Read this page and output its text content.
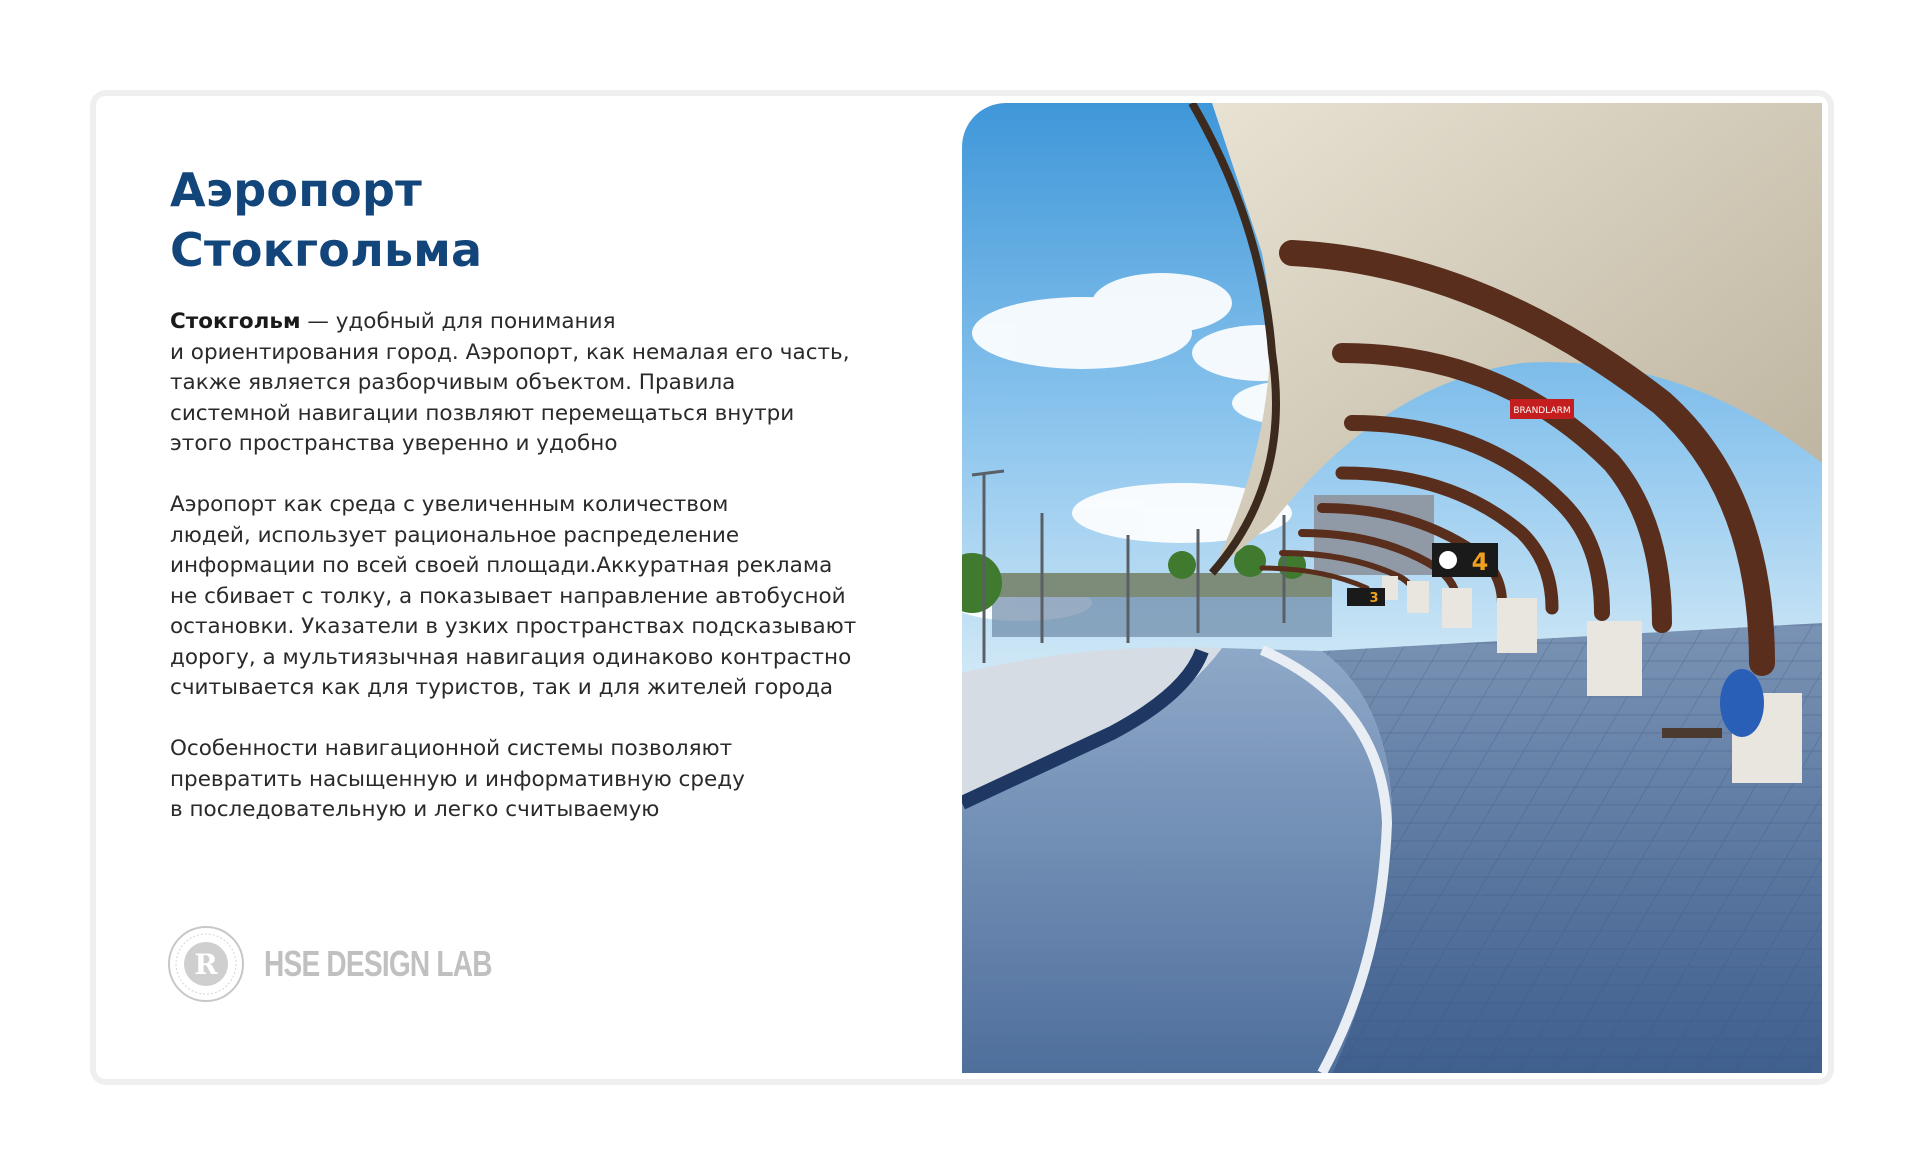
Аэропорт
Стокгольма

Стокгольм — удобный для понимания
и ориентирования город. Аэропорт, как немалая его часть,
также является разборчивым объектом. Правила
системной навигации позвляют перемещаться внутри
этого пространства уверенно и удобно

Аэропорт как среда с увеличенным количеством
людей, использует рациональное распределение
информации по всей своей площади.Аккуратная реклама
не сбивает с толку, а показывает направление автобусной
остановки. Указатели в узких пространствах подсказывают
дорогу, а мультиязычная навигация одинаково контрастно
считывается как для туристов, так и для жителей города

Особенности навигационной системы позволяют
превратить насыщенную и информативную среду
в последовательную и легко считываемую

R HSE DESIGN LAB
4
3
BRANDLARM
